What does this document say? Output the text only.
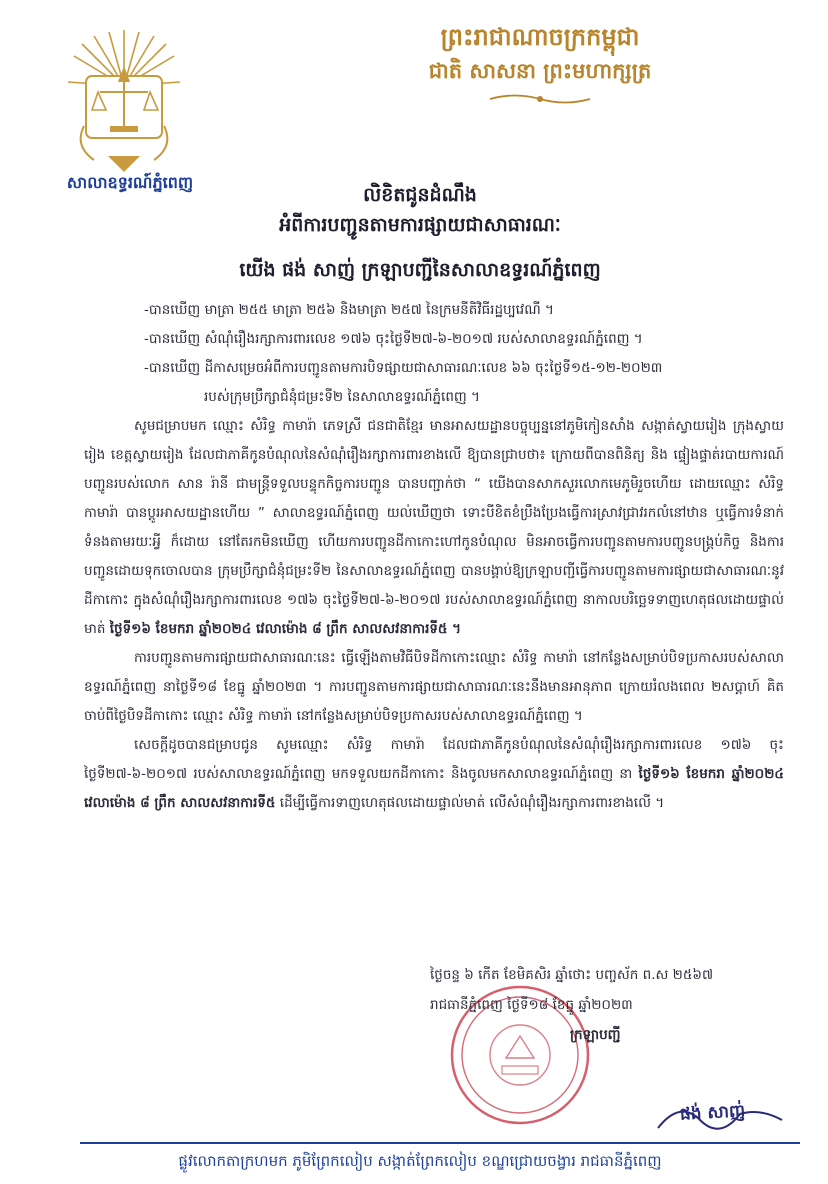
សាលាឧទ្ធរណ៍ភ្នំពេញ
ព្រះរាជាណាចក្រកម្ពុជា
ជាតិ សាសនា ព្រះមហាក្សត្រ
លិខិតជូនដំណឹង
អំពីការបញ្ជូនតាមការផ្សាយជាសាធារណៈ
យើង ផង់ សាញ់ ក្រឡាបញ្ជីនៃសាលាឧទ្ធរណ៍ភ្នំពេញ
-បានឃើញ មាត្រា ២៥៥ មាត្រា ២៥៦ និងមាត្រា ២៥៧ នៃក្រមនីតិវិធីរដ្ឋប្បវេណី ។
-បានឃើញ សំណុំរឿងរក្សាការពារលេខ ១៧៦ ចុះថ្ងៃទី២៧-៦-២០១៧ របស់សាលាឧទ្ធរណ៍ភ្នំពេញ ។
-បានឃើញ ដីកាសម្រេចអំពីការបញ្ជូនតាមការបិទផ្សាយជាសាធារណៈលេខ ៦៦ ចុះថ្ងៃទី១៥-១២-២០២៣
របស់ក្រុមប្រឹក្សាជំនុំជម្រះទី២ នៃសាលាឧទ្ធរណ៍ភ្នំពេញ ។

សូមជម្រាបមក ឈ្មោះ សំរិទ្ធ កាមារ៉ា ភេទស្រី ជនជាតិខ្មែរ មានអាសយដ្ឋានបច្ចុប្បន្ននៅភូមិកៀនសាំង សង្កាត់ស្វាយរៀង ក្រុងស្វាយរៀង ខេត្តស្វាយរៀង ដែលជាភាគីកូនបំណុលនៃសំណុំរឿងរក្សាការពារខាងលើ ឱ្យបានជ្រាបថា៖ ក្រោយពីបានពិនិត្យ និង ផ្ទៀងផ្ទាត់របាយការណ៍បញ្ជូនរបស់លោក សាន រ៉ានី ជាមន្ត្រីទទួលបន្ទុកកិច្ចការបញ្ជូន បានបញ្ជាក់ថា “ យើងបានសាកសួរលោកមេភូមិរួចហើយ ដោយឈ្មោះ សំរិទ្ធ កាមារ៉ា បានប្តូរអាសយដ្ឋានហើយ ” សាលាឧទ្ធរណ៍ភ្នំពេញ យល់ឃើញថា ទោះបីខិតខំប្រឹងប្រែងធ្វើការស្រាវជ្រាវរកលំនៅឋាន ឬធ្វើការទំនាក់ទំនងតាមរយៈអ្វី ក៏ដោយ នៅតែរកមិនឃើញ ហើយការបញ្ជូនដីកាកោះហៅកូនបំណុល មិនអាចធ្វើការបញ្ជូនតាមការបញ្ជូនបង្គ្រប់កិច្ច និងការបញ្ជូនដោយទុកចោលបាន ក្រុមប្រឹក្សាជំនុំជម្រះទី២ នៃសាលាឧទ្ធរណ៍ភ្នំពេញ បានបង្គាប់ឱ្យក្រឡាបញ្ជីធ្វើការបញ្ជូនតាមការផ្សាយជាសាធារណៈនូវដីកាកោះ ក្នុងសំណុំរឿងរក្សាការពារលេខ ១៧៦ ចុះថ្ងៃទី២៧-៦-២០១៧ របស់សាលាឧទ្ធរណ៍ភ្នំពេញ នាកាលបរិច្ឆេទទាញហេតុផលដោយផ្ទាល់មាត់ ថ្ងៃទី១៦ ខែមករា ឆ្នាំ២០២៤ វេលាម៉ោង ៨ ព្រឹក សាលសវនាការទី៥ ។

ការបញ្ជូនតាមការផ្សាយជាសាធារណៈនេះ ធ្វើឡើងតាមវិធីបិទដីកាកោះឈ្មោះ សំរិទ្ធ កាមារ៉ា នៅកន្លែងសម្រាប់បិទប្រកាសរបស់សាលាឧទ្ធរណ៍ភ្នំពេញ នាថ្ងៃទី១៨ ខែធ្នូ ឆ្នាំ២០២៣ ។ ការបញ្ជូនតាមការផ្សាយជាសាធារណៈនេះនឹងមានអានុភាព ក្រោយរំលងពេល ២សប្តាហ៍ គិតចាប់ពីថ្ងៃបិទដីកាកោះ ឈ្មោះ សំរិទ្ធ កាមារ៉ា នៅកន្លែងសម្រាប់បិទប្រកាសរបស់សាលាឧទ្ធរណ៍ភ្នំពេញ ។

សេចក្តីដូចបានជម្រាបជូន សូមឈ្មោះ សំរិទ្ធ កាមារ៉ា ដែលជាភាគីកូនបំណុលនៃសំណុំរឿងរក្សាការពារលេខ ១៧៦ ចុះថ្ងៃទី២៧-៦-២០១៧ របស់សាលាឧទ្ធរណ៍ភ្នំពេញ មកទទួលយកដីកាកោះ និងចូលមកសាលាឧទ្ធរណ៍ភ្នំពេញ នា ថ្ងៃទី១៦ ខែមករា ឆ្នាំ២០២៤ វេលាម៉ោង ៨ ព្រឹក សាលសវនាការទី៥ ដើម្បីធ្វើការទាញហេតុផលដោយផ្ទាល់មាត់ លើសំណុំរឿងរក្សាការពារខាងលើ ។

ថ្ងៃចន្ទ ៦ កើត ខែមិគសិរ ឆ្នាំថោះ បញ្ចស័ក ព.ស ២៥៦៧
រាជធានីភ្នំពេញ ថ្ងៃទី១៨ ខែធ្នូ ឆ្នាំ២០២៣
ក្រឡាបញ្ជី
ផង់ សាញ់
ផ្លូវលោកតាក្រហមក ភូមិព្រែកលៀប សង្កាត់ព្រែកលៀប ខណ្ឌជ្រោយចង្វារ រាជធានីភ្នំពេញ
